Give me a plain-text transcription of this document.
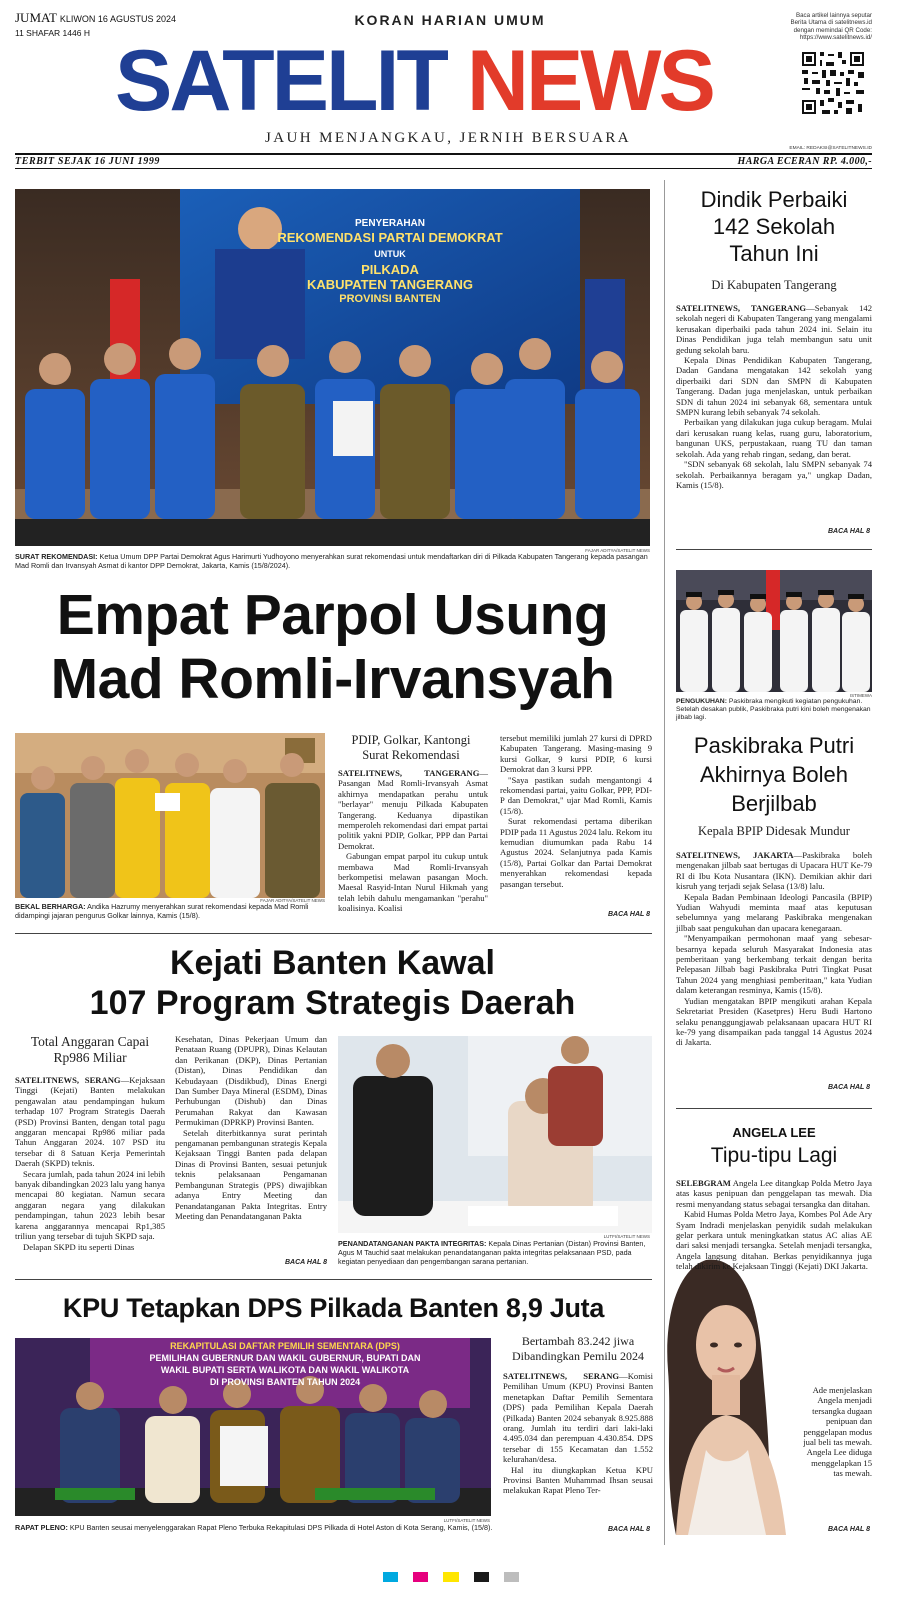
JUMAT KLIWON 16 AGUSTUS 2024
11 SHAFAR 1446 H
KORAN HARIAN UMUM
SATELIT NEWS
JAUH MENJANGKAU, JERNIH BERSUARA
Baca artikel lainnya seputar Berita Utama di satelitnews.id dengan memindai QR Code:
https://www.satelitnews.id/
EMAIL: REDAKSI@SATELITNEWS.ID
TERBIT SEJAK 16 JUNI 1999	HARGA ECERAN RP. 4.000,-
PENYERAHAN
REKOMENDASI PARTAI DEMOKRAT
UNTUK
PILKADA
KABUPATEN TANGERANG
PROVINSI BANTEN
FAJAR ADITYA/SATELIT NEWS
SURAT REKOMENDASI: Ketua Umum DPP Partai Demokrat Agus Harimurti Yudhoyono menyerahkan surat rekomendasi untuk mendaftarkan diri di Pilkada Kabupaten Tangerang kepada pasangan Mad Romli dan Irvansyah Asmat di kantor DPP Demokrat, Jakarta, Kamis (15/8/2024).
Empat Parpol Usung
Mad Romli-Irvansyah
FAJAR ADITYA/SATELIT NEWS
BEKAL BERHARGA: Andika Hazrumy menyerahkan surat rekomendasi kepada Mad Romli didampingi jajaran pengurus Golkar lainnya, Kamis (15/8).
PDIP, Golkar, Kantongi
Surat Rekomendasi

SATELITNEWS, TANGERANG—Pasangan Mad Romli-Irvansyah Asmat akhirnya mendapatkan perahu untuk "berlayar" menuju Pilkada Kabupaten Tangerang. Keduanya dipastikan memperoleh rekomendasi dari empat partai politik yakni PDIP, Golkar, PPP dan Partai Demokrat.

Gabungan empat parpol itu cukup untuk membawa Mad Romli-Irvansyah berkompetisi melawan pasangan Moch. Maesal Rasyid-Intan Nurul Hikmah yang telah lebih dahulu mengamankan "perahu" koalisinya. Koalisi

tersebut memiliki jumlah 27 kursi di DPRD Kabupaten Tangerang. Masing-masing 9 kursi Golkar, 9 kursi PDIP, 6 kursi Demokrat dan 3 kursi PPP.

"Saya pastikan sudah mengantongi 4 rekomendasi partai, yaitu Golkar, PPP, PDI-P dan Demokrat," ujar Mad Romli, Kamis (15/8).

Surat rekomendasi pertama diberikan PDIP pada 11 Agustus 2024 lalu. Rekom itu kemudian diumumkan pada Rabu 14 Agustus 2024. Selanjutnya pada Kamis (15/8), Partai Golkar dan Partai Demokrat menyerahkan rekomendasi kepada pasangan tersebut.

BACA HAL 8
Kejati Banten Kawal
107 Program Strategis Daerah
Total Anggaran Capai
Rp986 Miliar

SATELITNEWS, SERANG—Kejaksaan Tinggi (Kejati) Banten melakukan pengawalan atau pendampingan hukum terhadap 107 Program Strategis Daerah (PSD) Provinsi Banten, dengan total pagu anggaran mencapai Rp986 miliar pada Tahun Anggaran 2024. 107 PSD itu tersebar di 8 Satuan Kerja Pemerintah Daerah (SKPD) teknis.

Secara jumlah, pada tahun 2024 ini lebih banyak dibandingkan 2023 lalu yang hanya mencapai 80 kegiatan. Namun secara anggaran negara yang dilakukan pendampingan, tahun 2023 lebih besar karena anggarannya mencapai Rp1,385 triliun yang tersebar di tujuh SKPD saja.

Delapan SKPD itu seperti Dinas

Kesehatan, Dinas Pekerjaan Umum dan Penataan Ruang (DPUPR), Dinas Kelautan dan Perikanan (DKP), Dinas Pertanian (Distan), Dinas Pendidikan dan Kebudayaan (Disdikbud), Dinas Energi Dan Sumber Daya Mineral (ESDM), Dinas Perhubungan (Dishub) dan Dinas Perumahan Rakyat dan Kawasan Permukiman (DPRKP) Provinsi Banten.

Setelah diterbitkannya surat perintah pengamanan pembangunan strategis Kepala Kejaksaan Tinggi Banten pada delapan Dinas di Provinsi Banten, sesuai petunjuk teknis pelaksanaan Pengamanan Pembangunan Strategis (PPS) diwajibkan adanya Entry Meeting dan Penandatanganan Pakta Integritas. Entry Meeting dan Penandatanganan Pakta

BACA HAL 8
LUTFI/SATELIT NEWS
PENANDATANGANAN PAKTA INTEGRITAS: Kepala Dinas Pertanian (Distan) Provinsi Banten, Agus M Tauchid saat melakukan penandatanganan pakta integritas pelaksanaan PSD, pada kegiatan penyediaan dan pengembangan sarana pertanian.
KPU Tetapkan DPS Pilkada Banten 8,9 Juta
REKAPITULASI DAFTAR PEMILIH SEMENTARA (DPS)
PEMILIHAN GUBERNUR DAN WAKIL GUBERNUR, BUPATI DAN
WAKIL BUPATI SERTA WALIKOTA DAN WAKIL WALIKOTA
DI PROVINSI BANTEN TAHUN 2024
LUTFI/SATELIT NEWS
RAPAT PLENO: KPU Banten seusai menyelenggarakan Rapat Pleno Terbuka Rekapitulasi DPS Pilkada di Hotel Aston di Kota Serang, Kamis, (15/8).
Bertambah 83.242 jiwa
Dibandingkan Pemilu 2024

SATELITNEWS, SERANG—Komisi Pemilihan Umum (KPU) Provinsi Banten menetapkan Daftar Pemilih Sementara (DPS) pada Pemilihan Kepala Daerah (Pilkada) Banten 2024 sebanyak 8.925.888 orang. Jumlah itu terdiri dari laki-laki 4.495.034 dan perempuan 4.430.854. DPS tersebar di 155 Kecamatan dan 1.552 kelurahan/desa.

Hal itu diungkapkan Ketua KPU Provinsi Banten Muhammad Ihsan seusai melakukan Rapat Pleno Ter-

BACA HAL 8
Dindik Perbaiki
142 Sekolah
Tahun Ini
Di Kabupaten Tangerang

SATELITNEWS, TANGERANG—Sebanyak 142 sekolah negeri di Kabupaten Tangerang yang mengalami kerusakan diperbaiki pada tahun 2024 ini. Selain itu Dinas Pendidikan juga telah membangun satu unit gedung sekolah baru.

Kepala Dinas Pendidikan Kabupaten Tangerang, Dadan Gandana mengatakan 142 sekolah yang diperbaiki dari SDN dan SMPN di Kabupaten Tangerang. Dadan juga menjelaskan, untuk perbaikan SDN di tahun 2024 ini sebanyak 68, sementara untuk SMPN kurang lebih sebanyak 74 sekolah.

Perbaikan yang dilakukan juga cukup beragam. Mulai dari kerusakan ruang kelas, ruang guru, laboratorium, bangunan UKS, perpustakaan, ruang TU dan taman sekolah. Ada yang rehab ringan, sedang, dan berat.

"SDN sebanyak 68 sekolah, lalu SMPN sebanyak 74 sekolah. Perbaikannya beragam ya," ungkap Dadan, Kamis (15/8).

BACA HAL 8
ISTIMEWA
PENGUKUHAN: Paskibraka mengikuti kegiatan pengukuhan. Setelah desakan publik, Paskibraka putri kini boleh mengenakan jilbab lagi.
Paskibraka Putri
Akhirnya Boleh
Berjilbab
Kepala BPIP Didesak Mundur

SATELITNEWS, JAKARTA—Paskibraka boleh mengenakan jilbab saat bertugas di Upacara HUT Ke-79 RI di Ibu Kota Nusantara (IKN). Demikian akhir dari kisruh yang terjadi sejak Selasa (13/8) lalu.

Kepala Badan Pembinaan Ideologi Pancasila (BPIP) Yudian Wahyudi meminta maaf atas keputusan sebelumnya yang melarang Paskibraka mengenakan jilbab saat pengukuhan dan upacara kenegaraan.

"Menyampaikan permohonan maaf yang sebesar-besarnya kepada seluruh Masyarakat Indonesia atas pemberitaan yang berkembang terkait dengan berita Pelepasan Jilbab bagi Paskibraka Putri Tingkat Pusat Tahun 2024 yang menghiasi pemberitaan," kata Yudian dalam keterangan resminya, Kamis (15/8).

Yudian mengatakan BPIP mengikuti arahan Kepala Sekretariat Presiden (Kasetpres) Heru Budi Hartono selaku penanggungjawab pelaksanaan upacara HUT RI ke-79 yang disampaikan pada tanggal 14 Agustus 2024 di Jakarta.

BACA HAL 8
ANGELA LEE
Tipu-tipu Lagi

SELEBGRAM Angela Lee ditangkap Polda Metro Jaya atas kasus penipuan dan penggelapan tas mewah. Dia resmi menyandang status sebagai tersangka dan ditahan.

Kabid Humas Polda Metro Jaya, Kombes Pol Ade Ary Syam Indradi menjelaskan penyidik sudah melakukan gelar perkara untuk meningkatkan status AC alias AE dari saksi menjadi tersangka. Setelah menjadi tersangka, Angela langsung ditahan. Berkas penyidikannya juga telah dikirim ke Kejaksaan Tinggi (Kejati) DKI Jakarta.

Ade menjelaskan Angela menjadi tersangka dugaan penipuan dan penggelapan modus jual beli tas mewah. Angela Lee diduga menggelapkan 15 tas mewah.

BACA HAL 8
